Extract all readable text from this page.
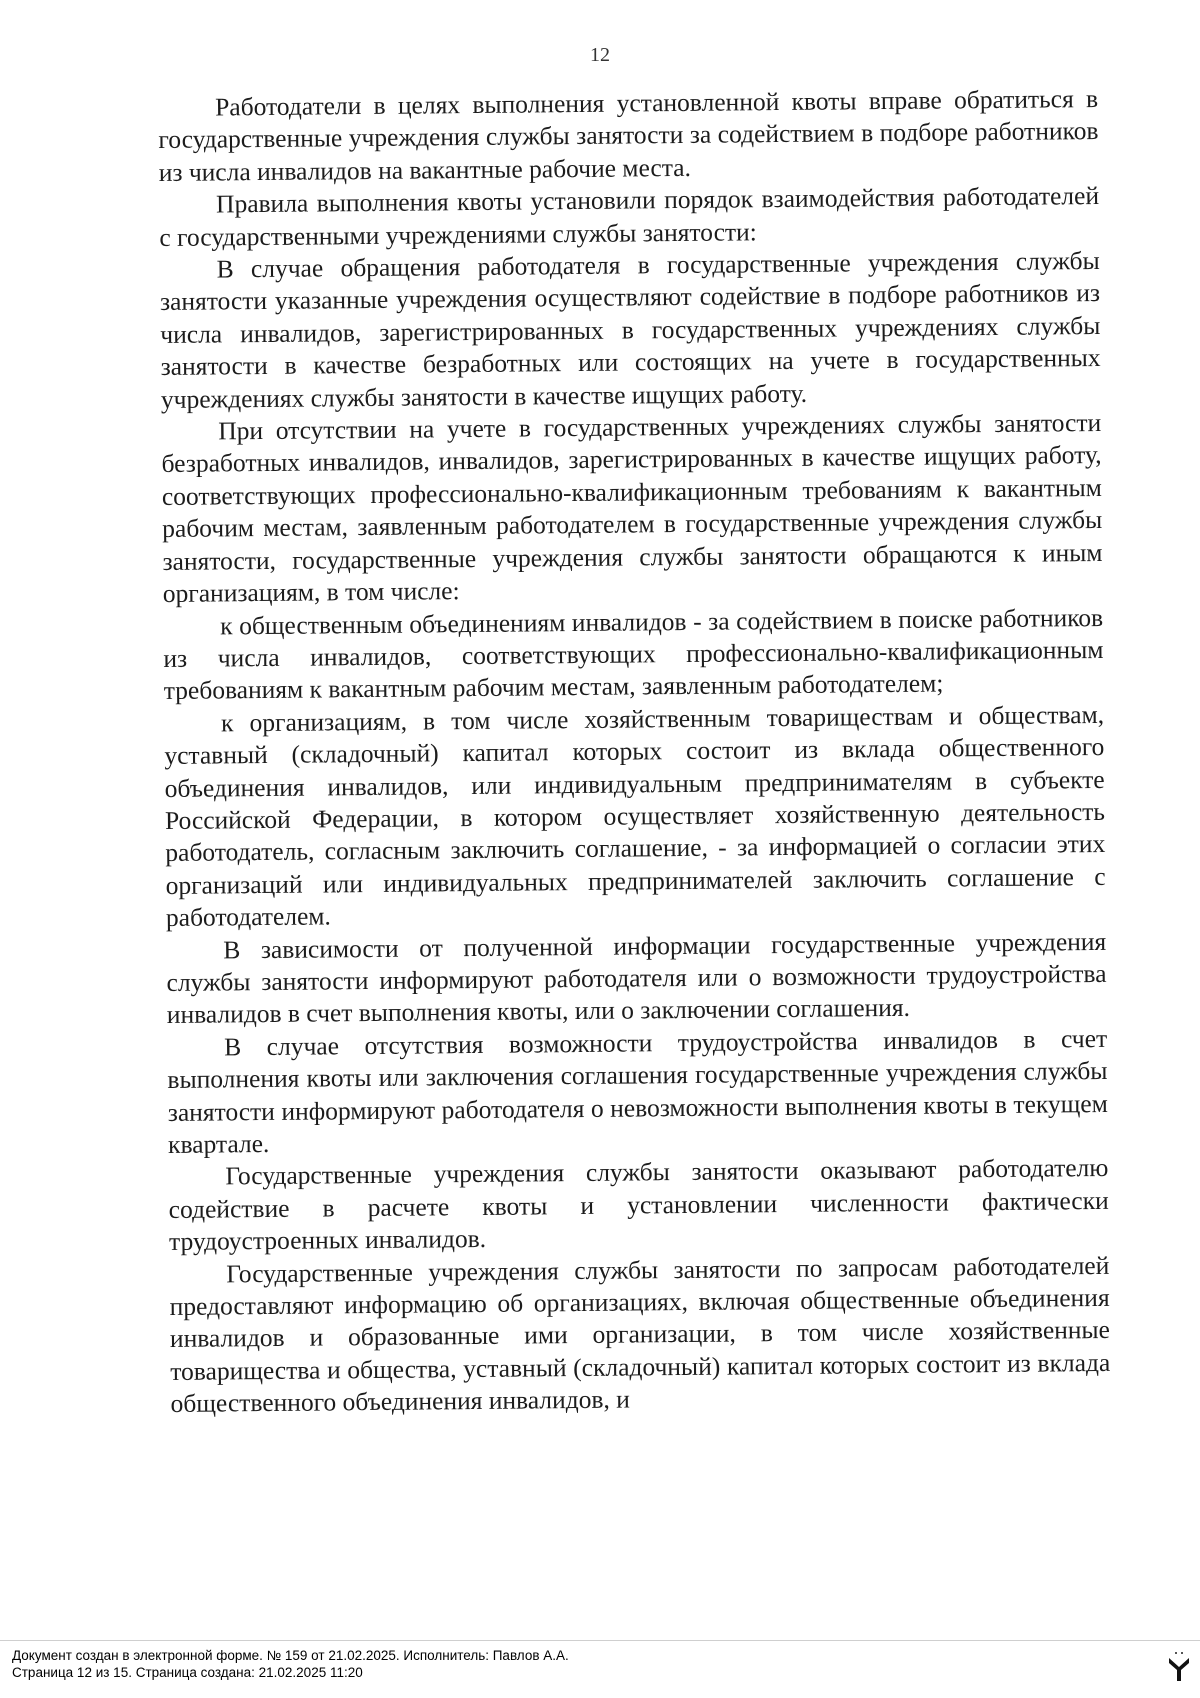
12

Работодатели в целях выполнения установленной квоты вправе обратиться в государственные учреждения службы занятости за содействием в подборе работников из числа инвалидов на вакантные рабочие места.

Правила выполнения квоты установили порядок взаимодействия работодателей с государственными учреждениями службы занятости:

В случае обращения работодателя в государственные учреждения службы занятости указанные учреждения осуществляют содействие в подборе работников из числа инвалидов, зарегистрированных в государственных учреждениях службы занятости в качестве безработных или состоящих на учете в государственных учреждениях службы занятости в качестве ищущих работу.

При отсутствии на учете в государственных учреждениях службы занятости безработных инвалидов, инвалидов, зарегистрированных в качестве ищущих работу, соответствующих профессионально-квалификационным требованиям к вакантным рабочим местам, заявленным работодателем в государственные учреждения службы занятости, государственные учреждения службы занятости обращаются к иным организациям, в том числе:

к общественным объединениям инвалидов - за содействием в поиске работников из числа инвалидов, соответствующих профессионально-квалификационным требованиям к вакантным рабочим местам, заявленным работодателем;

к организациям, в том числе хозяйственным товариществам и обществам, уставный (складочный) капитал которых состоит из вклада общественного объединения инвалидов, или индивидуальным предпринимателям в субъекте Российской Федерации, в котором осуществляет хозяйственную деятельность работодатель, согласным заключить соглашение, - за информацией о согласии этих организаций или индивидуальных предпринимателей заключить соглашение с работодателем.

В зависимости от полученной информации государственные учреждения службы занятости информируют работодателя или о возможности трудоустройства инвалидов в счет выполнения квоты, или о заключении соглашения.

В случае отсутствия возможности трудоустройства инвалидов в счет выполнения квоты или заключения соглашения государственные учреждения службы занятости информируют работодателя о невозможности выполнения квоты в текущем квартале.

Государственные учреждения службы занятости оказывают работодателю содействие в расчете квоты и установлении численности фактически трудоустроенных инвалидов.

Государственные учреждения службы занятости по запросам работодателей предоставляют информацию об организациях, включая общественные объединения инвалидов и образованные ими организации, в том числе хозяйственные товарищества и общества, уставный (складочный) капитал которых состоит из вклада общественного объединения инвалидов, и

Документ создан в электронной форме. № 159 от 21.02.2025. Исполнитель: Павлов А.А.
Страница 12 из 15. Страница создана: 21.02.2025 11:20
